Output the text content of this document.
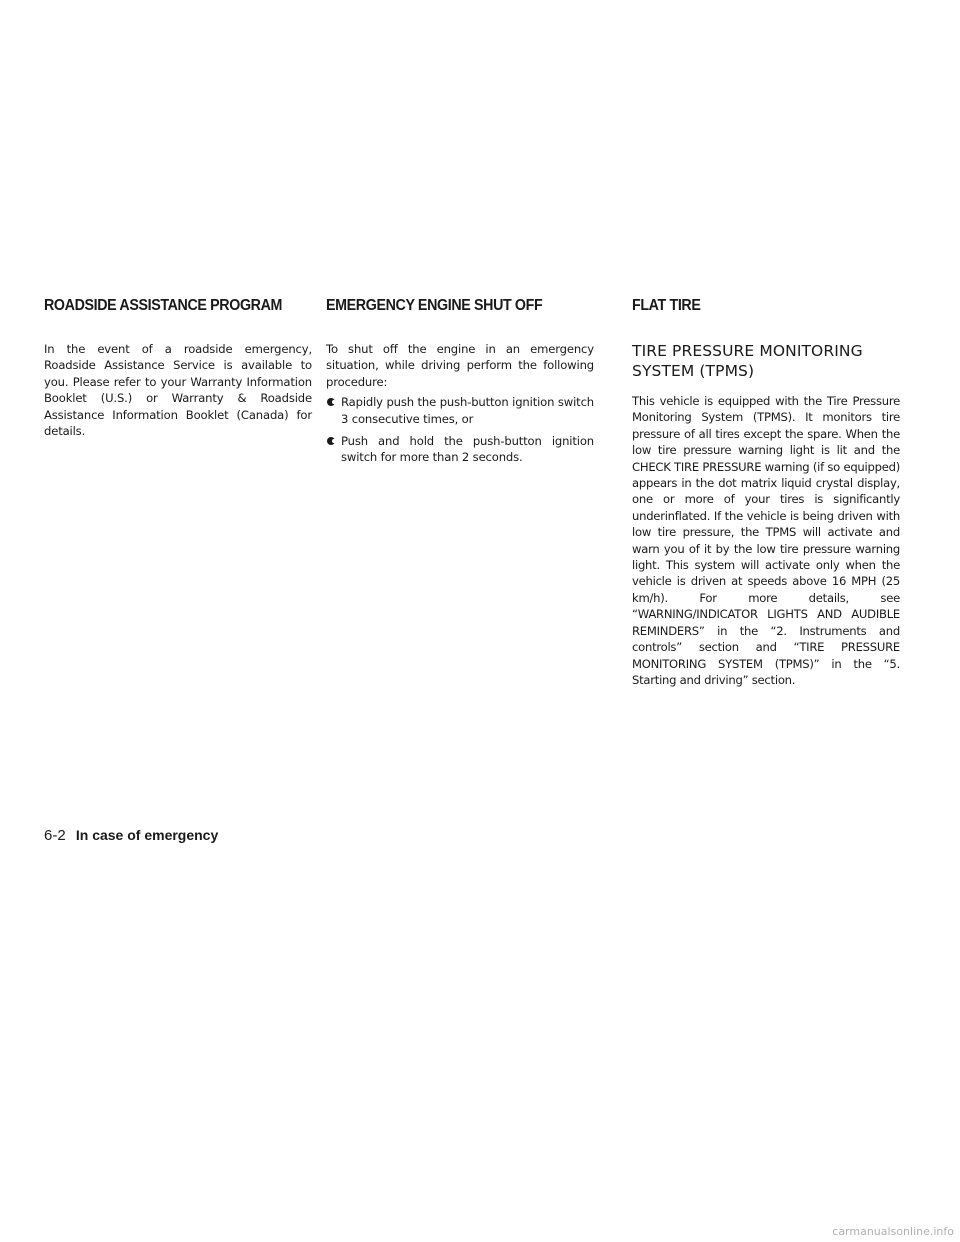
ROADSIDE ASSISTANCE PROGRAM

In the event of a roadside emergency, Roadside Assistance Service is available to you. Please refer to your Warranty Information Booklet (U.S.) or Warranty & Roadside Assistance Information Booklet (Canada) for details.

EMERGENCY ENGINE SHUT OFF

To shut off the engine in an emergency situation, while driving perform the following procedure:

Rapidly push the push-button ignition switch 3 consecutive times, or
Push and hold the push-button ignition switch for more than 2 seconds.
FLAT TIRE
TIRE PRESSURE MONITORING SYSTEM (TPMS)

This vehicle is equipped with the Tire Pressure Monitoring System (TPMS). It monitors tire pressure of all tires except the spare. When the low tire pressure warning light is lit and the CHECK TIRE PRESSURE warning (if so equipped) appears in the dot matrix liquid crystal display, one or more of your tires is significantly underinflated. If the vehicle is being driven with low tire pressure, the TPMS will activate and warn you of it by the low tire pressure warning light. This system will activate only when the vehicle is driven at speeds above 16 MPH (25 km/h). For more details, see “WARNING/INDICATOR LIGHTS AND AUDIBLE REMINDERS” in the “2. Instruments and controls” section and “TIRE PRESSURE MONITORING SYSTEM (TPMS)” in the “5. Starting and driving” section.

6-2 In case of emergency
carmanualsonline.info
